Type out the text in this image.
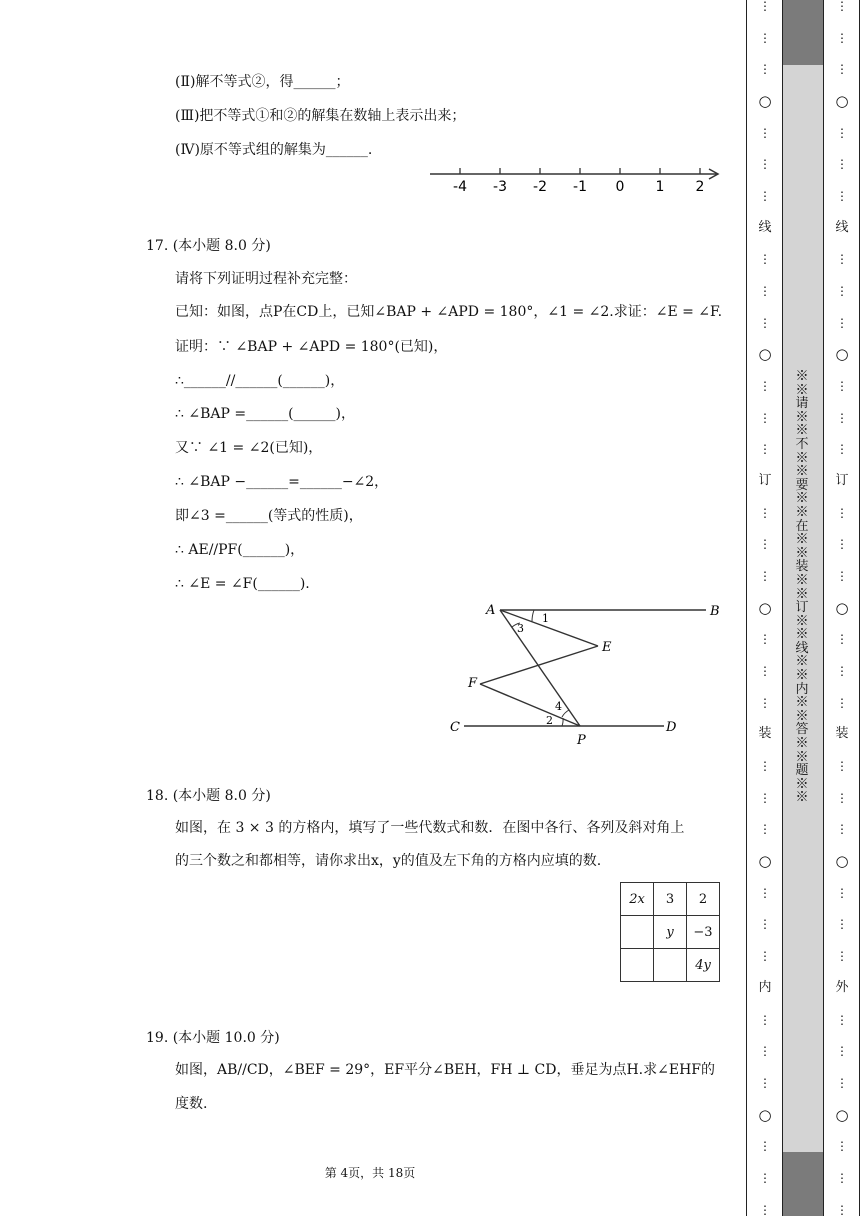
(Ⅱ)解不等式②，得______；
(Ⅲ)把不等式①和②的解集在数轴上表示出来；
(Ⅳ)原不等式组的解集为______.
-4 -3 -2 -1 0 1 2
17. (本小题 8.0 分)
请将下列证明过程补充完整：
已知：如图，点P在CD上，已知∠BAP + ∠APD = 180°，∠1 = ∠2.求证：∠E = ∠F.
证明：∵ ∠BAP + ∠APD = 180°(已知)，
∴______//______(______)，
∴ ∠BAP =______(______)，
又∵ ∠1 = ∠2(已知)，
∴ ∠BAP −______=______−∠2，
即∠3 =______(等式的性质)，
∴ AE//PF(______)，
∴ ∠E = ∠F(______).
A	B
C	D
E
F
P
1
2
3
4
18. (本小题 8.0 分)
如图，在 3 × 3 的方格内，填写了一些代数式和数．在图中各行、各列及斜对角上
的三个数之和都相等，请你求出x，y的值及左下角的方格内应填的数.
2x	3	2
	y	−3
		4y
19. (本小题 10.0 分)
如图，AB//CD，∠BEF = 29°，EF平分∠BEH，FH ⊥ CD，垂足为点H.求∠EHF的
度数.
第 4页，共 18页
※※请※※不※※要※※在※※装※※订※※线※※内※※答※※题※※
⋮
⋮
⋮
○
⋮
⋮
⋮
线
⋮
⋮
⋮
○
⋮
⋮
⋮
订
⋮
⋮
⋮
○
⋮
⋮
⋮
装
⋮
⋮
⋮
○
⋮
⋮
⋮
内
⋮
⋮
⋮
○
⋮
⋮
⋮
⋮
⋮
⋮
○
⋮
⋮
⋮
线
⋮
⋮
⋮
○
⋮
⋮
⋮
订
⋮
⋮
⋮
○
⋮
⋮
⋮
装
⋮
⋮
⋮
○
⋮
⋮
⋮
外
⋮
⋮
⋮
○
⋮
⋮
⋮
